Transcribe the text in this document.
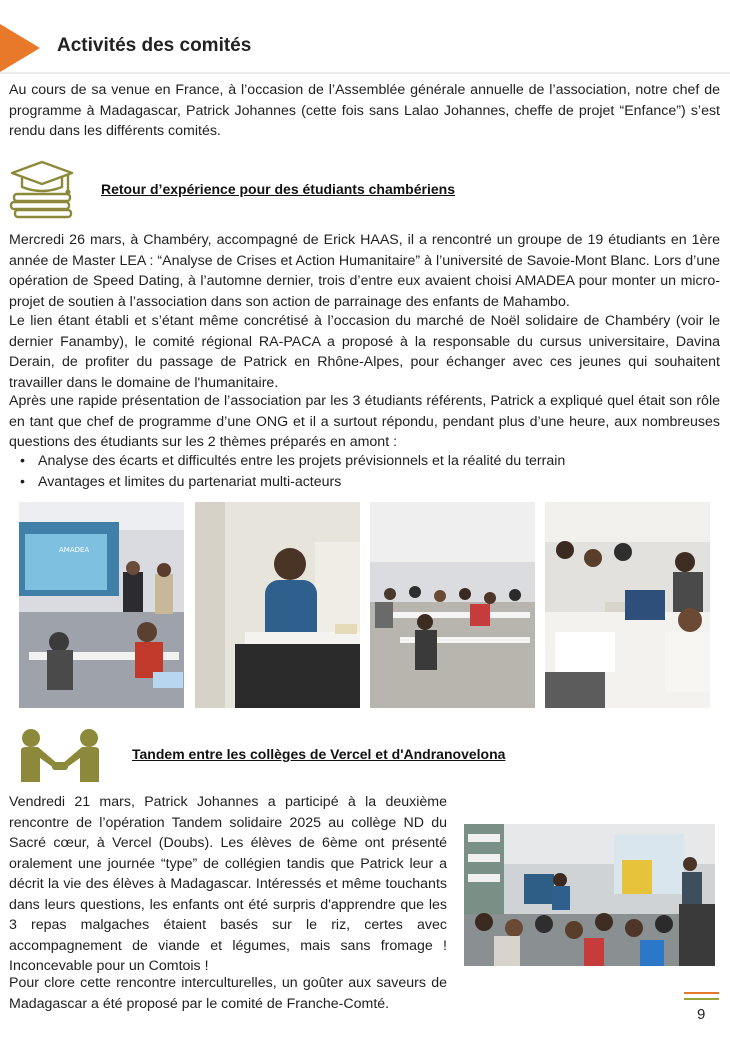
Activités des comités

Au cours de sa venue en France, à l’occasion de l’Assemblée générale annuelle de l’association, notre chef de programme à Madagascar, Patrick Johannes (cette fois sans Lalao Johannes, cheffe de projet “Enfance”) s’est rendu dans les différents comités.

Retour d’expérience pour des étudiants chambériens

Mercredi 26 mars, à Chambéry, accompagné de Erick HAAS, il a rencontré un groupe de 19 étudiants en 1ère année de Master LEA : “Analyse de Crises et Action Humanitaire” à l’université de Savoie-Mont Blanc. Lors d’une opération de Speed Dating, à l’automne dernier, trois d’entre eux avaient choisi AMADEA pour monter un micro-projet de soutien à l’association dans son action de parrainage des enfants de Mahambo.

Le lien étant établi et s’étant même concrétisé à l’occasion du marché de Noël solidaire de Chambéry (voir le dernier Fanamby), le comité régional RA-PACA a proposé à la responsable du cursus universitaire, Davina Derain, de profiter du passage de Patrick en Rhône-Alpes, pour échanger avec ces jeunes qui souhaitent travailler dans le domaine de l'humanitaire.

Après une rapide présentation de l’association par les 3 étudiants référents, Patrick a expliqué quel était son rôle en tant que chef de programme d’une ONG et il a surtout répondu, pendant plus d’une heure, aux nombreuses questions des étudiants sur les 2 thèmes préparés en amont :

• Analyse des écarts et difficultés entre les projets prévisionnels et la réalité du terrain
• Avantages et limites du partenariat multi-acteurs
AMADEA
Tandem entre les collèges de Vercel et d'Andranovelona

Vendredi 21 mars, Patrick Johannes a participé à la deuxième rencontre de l’opération Tandem solidaire 2025 au collège ND du Sacré cœur, à Vercel (Doubs). Les élèves de 6ème ont présenté oralement une journée “type” de collégien tandis que Patrick leur a décrit la vie des élèves à Madagascar. Intéressés et même touchants dans leurs questions, les enfants ont été surpris d'apprendre que les 3 repas malgaches étaient basés sur le riz, certes avec accompagnement de viande et légumes, mais sans fromage ! Inconcevable pour un Comtois !

Pour clore cette rencontre interculturelles, un goûter aux saveurs de Madagascar a été proposé par le comité de Franche-Comté.

9
